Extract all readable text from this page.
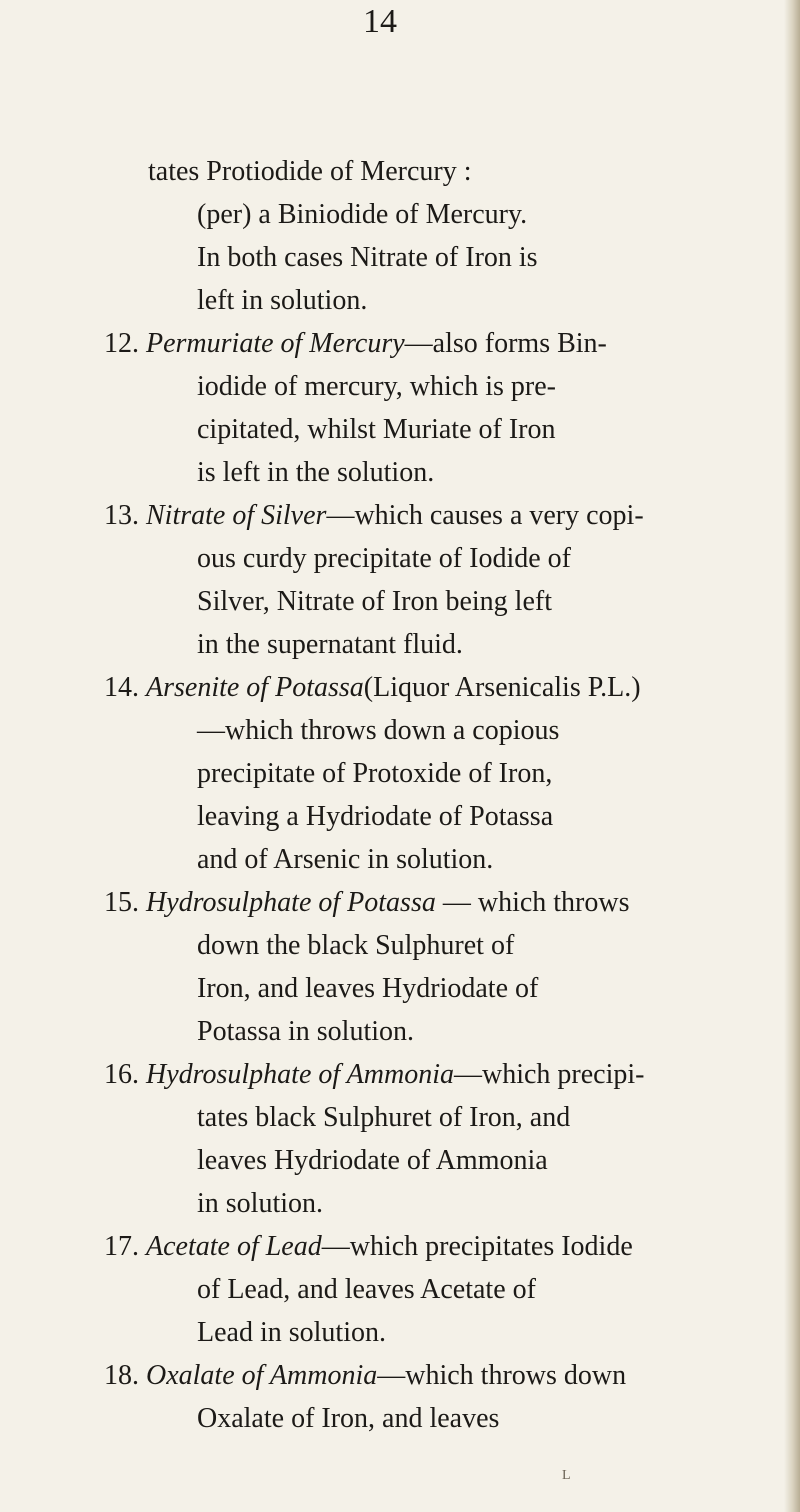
14
tates Protiodide of Mercury :
(per) a Biniodide of Mercury.
In both cases Nitrate of Iron is
left in solution.
12. Permuriate of Mercury—also forms Bin-
iodide of mercury, which is pre-
cipitated, whilst Muriate of Iron
is left in the solution.
13. Nitrate of Silver—which causes a very copi-
ous curdy precipitate of Iodide of
Silver, Nitrate of Iron being left
in the supernatant fluid.
14. Arsenite of Potassa(Liquor Arsenicalis P.L.)
—which throws down a copious
precipitate of Protoxide of Iron,
leaving a Hydriodate of Potassa
and of Arsenic in solution.
15. Hydrosulphate of Potassa — which throws
down the black Sulphuret of
Iron, and leaves Hydriodate of
Potassa in solution.
16. Hydrosulphate of Ammonia—which precipi-
tates black Sulphuret of Iron, and
leaves Hydriodate of Ammonia
in solution.
17. Acetate of Lead—which precipitates Iodide
of Lead, and leaves Acetate of
Lead in solution.
18. Oxalate of Ammonia—which throws down
Oxalate of Iron, and leaves
L
